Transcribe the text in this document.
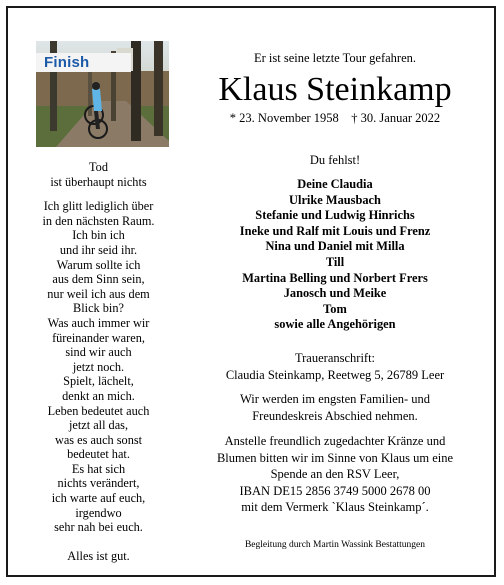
Finish	Er ist seine letzte Tour gefahren.
Klaus Steinkamp
* 23. November 1958    † 30. Januar 2022
Tod
ist überhaupt nichts
Ich glitt lediglich über
in den nächsten Raum.
Ich bin ich
und ihr seid ihr.
Warum sollte ich
aus dem Sinn sein,
nur weil ich aus dem
Blick bin?
Was auch immer wir
füreinander waren,
sind wir auch
jetzt noch.
Spielt, lächelt,
denkt an mich.
Leben bedeutet auch
jetzt all das,
was es auch sonst
bedeutet hat.
Es hat sich
nichts verändert,
ich warte auf euch,
irgendwo
sehr nah bei euch.
Alles ist gut.
Du fehlst!
Deine Claudia
Ulrike Mausbach
Stefanie und Ludwig Hinrichs
Ineke und Ralf mit Louis und Frenz
Nina und Daniel mit Milla
Till
Martina Belling und Norbert Frers
Janosch und Meike
Tom
sowie alle Angehörigen
Traueranschrift:
Claudia Steinkamp, Reetweg 5, 26789 Leer
Wir werden im engsten Familien- und
Freundeskreis Abschied nehmen.
Anstelle freundlich zugedachter Kränze und
Blumen bitten wir im Sinne von Klaus um eine
Spende an den RSV Leer,
IBAN DE15 2856 3749 5000 2678 00
mit dem Vermerk `Klaus Steinkamp´.
Begleitung durch Martin Wassink Bestattungen
